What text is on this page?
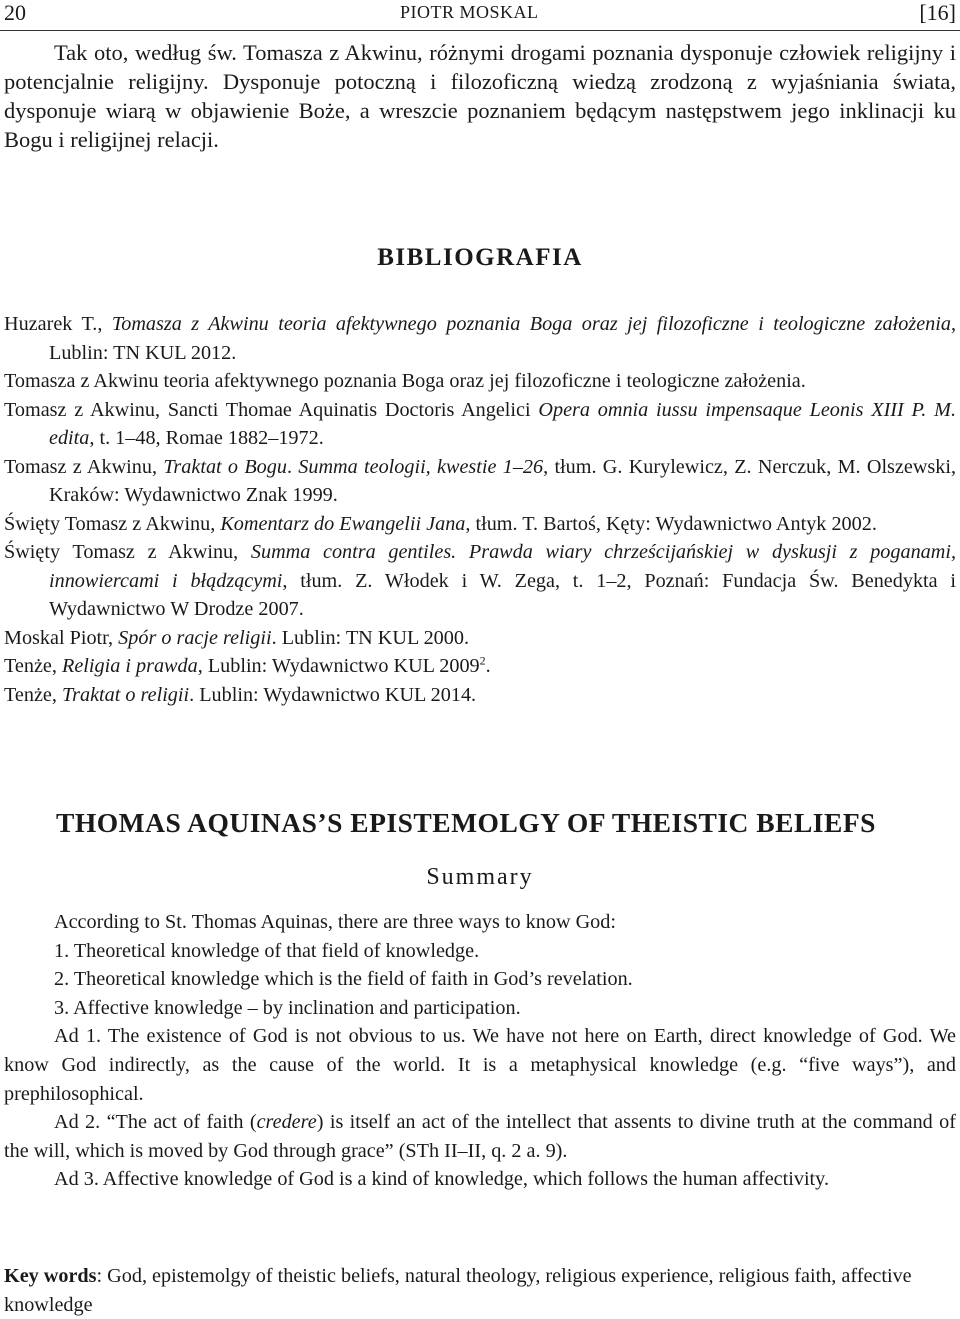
20	PIOTR MOSKAL	[16]

Tak oto, według św. Tomasza z Akwinu, różnymi drogami poznania dysponuje człowiek religijny i potencjalnie religijny. Dysponuje potoczną i filozoficzną wiedzą zrodzoną z wyjaśniania świata, dysponuje wiarą w objawienie Boże, a wreszcie poznaniem będącym następstwem jego inklinacji ku Bogu i religijnej relacji.

BIBLIOGRAFIA
Huzarek T., Tomasza z Akwinu teoria afektywnego poznania Boga oraz jej filozoficzne i teologiczne założenia, Lublin: TN KUL 2012.
Tomasza z Akwinu teoria afektywnego poznania Boga oraz jej filozoficzne i teologiczne założenia.
Tomasz z Akwinu, Sancti Thomae Aquinatis Doctoris Angelici Opera omnia iussu impensaque Leonis XIII P. M. edita, t. 1–48, Romae 1882–1972.
Tomasz z Akwinu, Traktat o Bogu. Summa teologii, kwestie 1–26, tłum. G. Kurylewicz, Z. Nerczuk, M. Olszewski, Kraków: Wydawnictwo Znak 1999.
Święty Tomasz z Akwinu, Komentarz do Ewangelii Jana, tłum. T. Bartoś, Kęty: Wydawnictwo Antyk 2002.
Święty Tomasz z Akwinu, Summa contra gentiles. Prawda wiary chrześcijańskiej w dyskusji z poganami, innowiercami i błądzącymi, tłum. Z. Włodek i W. Zega, t. 1–2, Poznań: Fundacja Św. Benedykta i Wydawnictwo W Drodze 2007.
Moskal Piotr, Spór o racje religii. Lublin: TN KUL 2000.
Tenże, Religia i prawda, Lublin: Wydawnictwo KUL 2009$^2$.
Tenże, Traktat o religii. Lublin: Wydawnictwo KUL 2014.
THOMAS AQUINAS’S EPISTEMOLGY OF THEISTIC BELIEFS
Summary

According to St. Thomas Aquinas, there are three ways to know God:

1. Theoretical knowledge of that field of knowledge.

2. Theoretical knowledge which is the field of faith in God’s revelation.

3. Affective knowledge – by inclination and participation.

Ad 1. The existence of God is not obvious to us. We have not here on Earth, direct knowledge of God. We know God indirectly, as the cause of the world. It is a metaphysical knowledge (e.g. “five ways”), and prephilosophical.

Ad 2. “The act of faith (credere) is itself an act of the intellect that assents to divine truth at the command of the will, which is moved by God through grace” (STh II–II, q. 2 a. 9).

Ad 3. Affective knowledge of God is a kind of knowledge, which follows the human affectivity.

Key words: God, epistemolgy of theistic beliefs, natural theology, religious experience, religious faith, affective knowledge
